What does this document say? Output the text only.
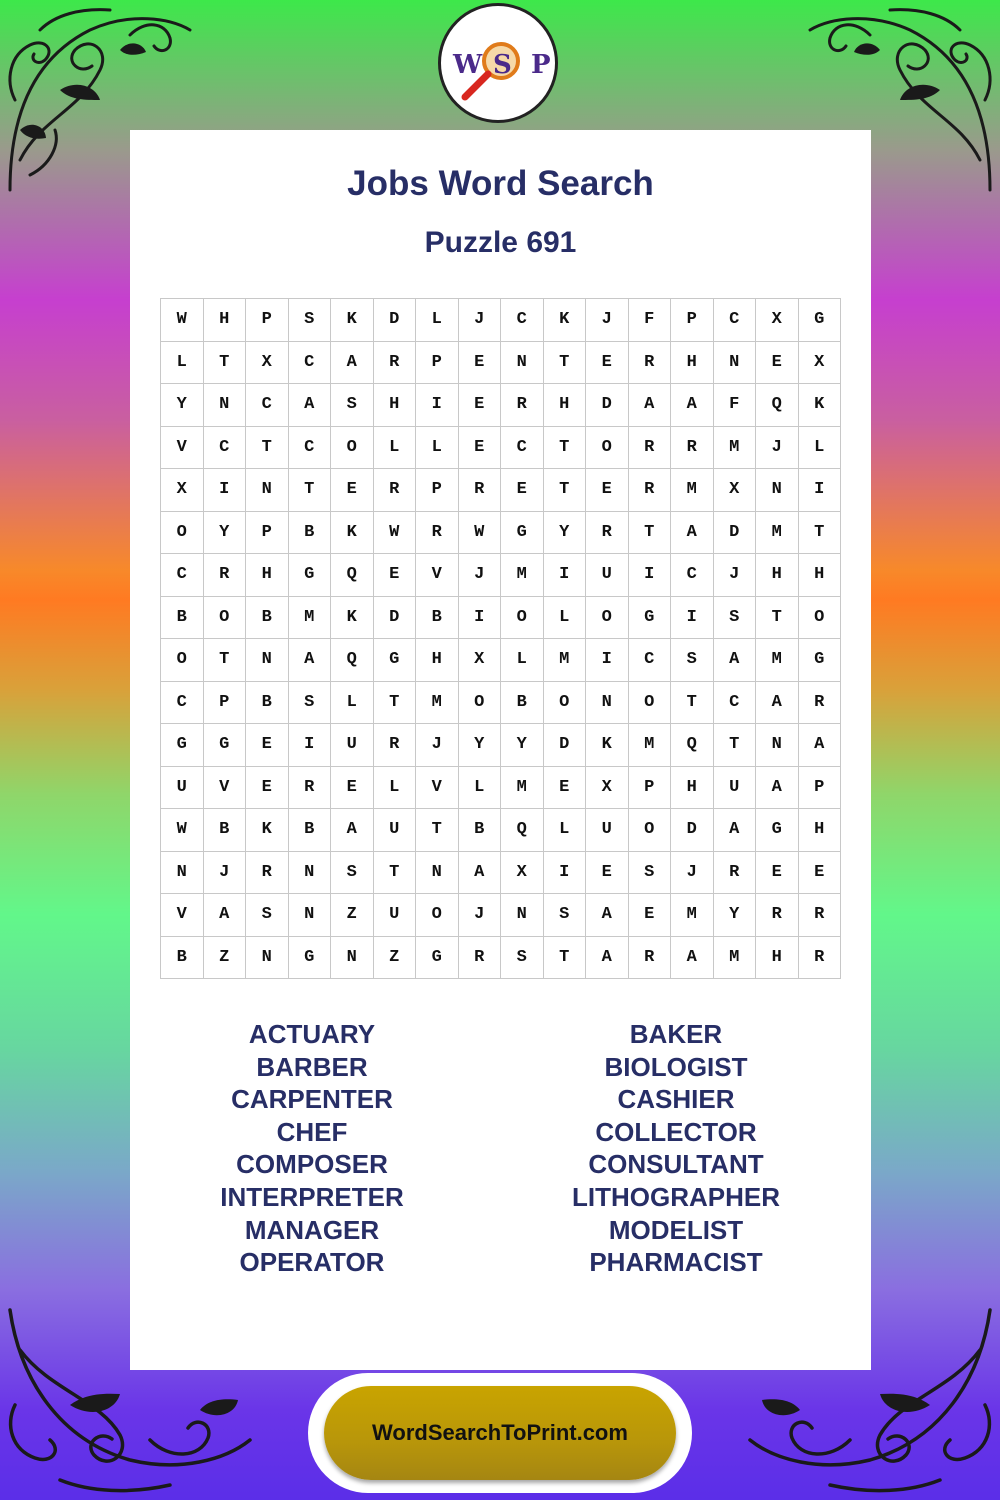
W S P
Jobs Word Search
Puzzle 691
W	H	P	S	K	D	L	J	C	K	J	F	P	C	X	G
L	T	X	C	A	R	P	E	N	T	E	R	H	N	E	X
Y	N	C	A	S	H	I	E	R	H	D	A	A	F	Q	K
V	C	T	C	O	L	L	E	C	T	O	R	R	M	J	L
X	I	N	T	E	R	P	R	E	T	E	R	M	X	N	I
O	Y	P	B	K	W	R	W	G	Y	R	T	A	D	M	T
C	R	H	G	Q	E	V	J	M	I	U	I	C	J	H	H
B	O	B	M	K	D	B	I	O	L	O	G	I	S	T	O
O	T	N	A	Q	G	H	X	L	M	I	C	S	A	M	G
C	P	B	S	L	T	M	O	B	O	N	O	T	C	A	R
G	G	E	I	U	R	J	Y	Y	D	K	M	Q	T	N	A
U	V	E	R	E	L	V	L	M	E	X	P	H	U	A	P
W	B	K	B	A	U	T	B	Q	L	U	O	D	A	G	H
N	J	R	N	S	T	N	A	X	I	E	S	J	R	E	E
V	A	S	N	Z	U	O	J	N	S	A	E	M	Y	R	R
B	Z	N	G	N	Z	G	R	S	T	A	R	A	M	H	R
ACTUARY
BARBER
CARPENTER
CHEF
COMPOSER
INTERPRETER
MANAGER
OPERATOR
BAKER
BIOLOGIST
CASHIER
COLLECTOR
CONSULTANT
LITHOGRAPHER
MODELIST
PHARMACIST
WordSearchToPrint.com
